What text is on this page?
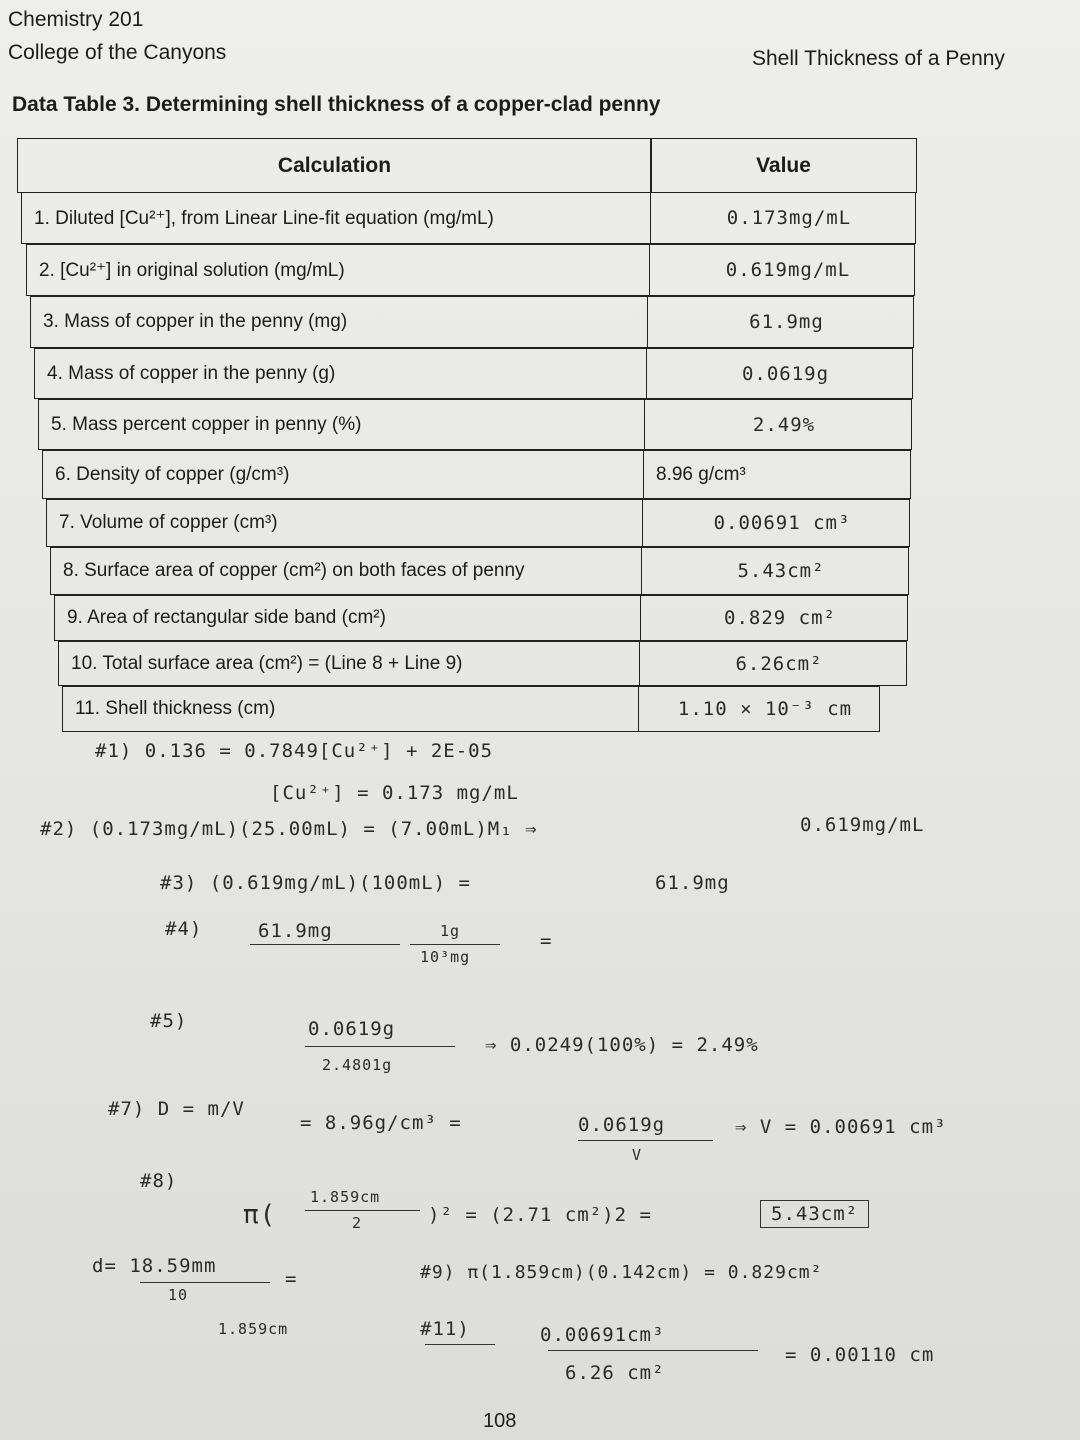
Chemistry 201
College of the Canyons	Shell Thickness of a Penny
Data Table 3. Determining shell thickness of a copper-clad penny
Calculation	Value
1. Diluted [Cu²⁺], from Linear Line-fit equation (mg/mL)	0.173mg/mL
2. [Cu²⁺] in original solution (mg/mL)	0.619mg/mL
3. Mass of copper in the penny (mg)	61.9mg
4. Mass of copper in the penny (g)	0.0619g
5. Mass percent copper in penny (%)	2.49%
6. Density of copper (g/cm³)	8.96 g/cm³
7. Volume of copper (cm³)	0.00691 cm³
8. Surface area of copper (cm²) on both faces of penny	5.43cm²
9. Area of rectangular side band (cm²)	0.829 cm²
10. Total surface area (cm²) = (Line 8 + Line 9)	6.26cm²
11. Shell thickness (cm)	1.10 × 10⁻³ cm
#1) 0.136 = 0.7849[Cu²⁺] + 2E-05
[Cu²⁺] = 0.173 mg/mL
#2) (0.173mg/mL)(25.00mL) = (7.00mL)M₁ ⇒	0.619mg/mL
#3) (0.619mg/mL)(100mL) =	61.9mg
#4)	61.9mg	1g
10³mg
=
#5)	0.0619g
2.4801g
⇒ 0.0249(100%) = 2.49%
#7) D = m/V
= 8.96g/cm³ =	0.0619g
V
⇒ V = 0.00691 cm³
#8)
π(
1.859cm
2	)² = (2.71 cm²)2 =	5.43cm²
d= 18.59mm
10
=
1.859cm
#9) π(1.859cm)(0.142cm) = 0.829cm²
#11)	0.00691cm³
6.26 cm²
= 0.00110 cm
108
